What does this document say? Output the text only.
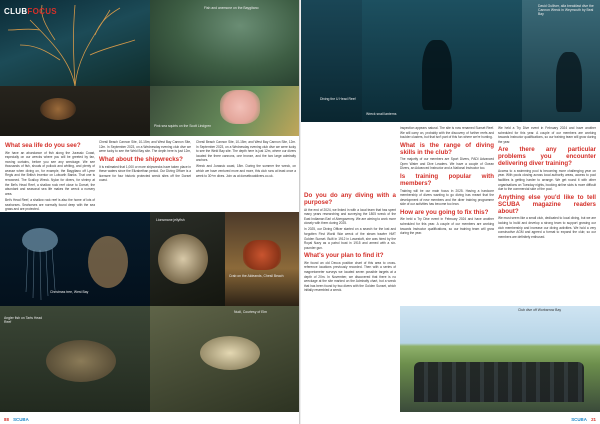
CLUBFOCUS	Fish and anemone on the Baygitano
Pink sea squirts on the Scott Lindgren
What sea life do you see?

We have an abundance of fish along the Jurassic Coast, especially on our wrecks where you will be greeted by fan, moving curtains, before you see any wreckage. We see thousands of fish, shoals of pollock and whiting, and plenty of wrasse when diving on, for example, the Baygitano off Lyme Regis and the British Inventor on Lulworth Banks. That one is renowned. The Scallop Wreck. Nylon for divers, for shrimp at the Bet's Head Reef, a shallow rock reef close to Dorset, the abundant and seasonal sea life makes the wreck a nursery area.

Bet's Head Reef, a shallow rock reef is also the home of lots of seahorses. Seahorses are normally found deep with the sea grass and are protected.

Chesil Beach Cannon Site, 10-15m; and West Bay Cannon Site, 12m. In September 2023, on a Wednesday evening club dive we were lucky to see the Weld Bay site. The depth here is just 12m,

What about the shipwrecks?

It is estimated that 1,000 or more shipwrecks have taken place in these waters since the Elizabethan period. Our Diving Officer is a licensee for four historic protected wreck sites off the Dorset coast.

Chesil Beach Cannon Site, 10-15m; and West Bay Cannon Site, 12m. In September 2023, on a Wednesday evening club dive we were lucky to see the Weld Bay site. The depth here is just 12m, where our divers located the three cannons, one bronze, and the two large admiralty anchors.

Wreck and Jurassic coast, 18m. During the summer the wreck, on which we have ventured more and more, this club runs at least once a week to 30+m dives. Join us at dorsetboatdivers.co.uk.

Christmas tree, West Bay
Lionsmane jellyfish
Crab on the Aldeands, Chesil Beach
Angler fish on Tarts Head Reef
Nudi, Courtesy of Elm
88 SCUBA
Diving the U Head Reef
Wreck snail lanterns
David Gulliver, alla breakfast dive the Cannon Wreck in Weymouth by Beal Bay
Do you do any diving with a purpose?

At the end of 2024, we linked in with a local team that has spent many years researching and surveying the 1805 wreck of the East Indiaman Earl of Abergavenny. We are aiming to work more closely with them during 2025.

In 2025, our Diving Officer started on a search for the lost and forgotten First World War wreck of the steam trawler HMT Golden Sunset. Built in 1912 in Lowestoft, she was hired by the Royal Navy as a patrol boat in 1915 and armed with a six-pounder gun.

What's your plan to find it?

We found an old Decca position chart of this area to cross-reference locations previously recorded. Then with a series of magnetometer surveys we located seven possible targets at a depth of 20m. In November, we discovered that there is no wreckage at the site marked on the Admiralty chart, but a wreck that has been found by two divers with the Golden Sunset, which initially resembled a wreck.

inspection appears natural. The site is now renamed Sunset Reef. We will carry on, probably with the discovery of further reefs and boulder clusters, but that isn't part of this fun where we're hunting.

What is the range of diving skills in the club?

The majority of our members are Sport Divers, PADI Advanced Open Water and Dive Leaders. We have a couple of Ocean Divers, an Advanced Instructor and a National Instructor too.

Is training popular with members?

Training will be our main focus in 2025. Having a hardcore membership of divers wanting to go diving has meant that the development of new members and the diver training programme side of our activities has become too lean.

How are you going to fix this?

We held a Try Dive event in February 2024 and have another scheduled for this year. A couple of our members are working towards Instructor qualifications, so our training team will grow during the year.

We held a Try Dive event in February 2024 and have another scheduled for this year. A couple of our members are working towards Instructor qualifications, so our training team will grow during the year.

Are there any particular problems you encounter delivering diver training?

Access to a swimming pool is becoming more challenging year on year. With pools closing across local authority areas, access to pool facilities is getting harder to arrange. We get round it with other organisations on Tuesday nights, booking airline slots is more difficult due to the commercial side of the pool.

Anything else you'd like to tell SCUBA magazine readers about?

We must seem like a small club, dedicated to local diving, but we are looking to build and develop a strong team to support growing our club membership and increase our diving activities. We hold a very constructive AGM and agreed a format to expand the club; so our members are definitely enthused.

Club dive off Worbarrow Bay
SCUBA 21
